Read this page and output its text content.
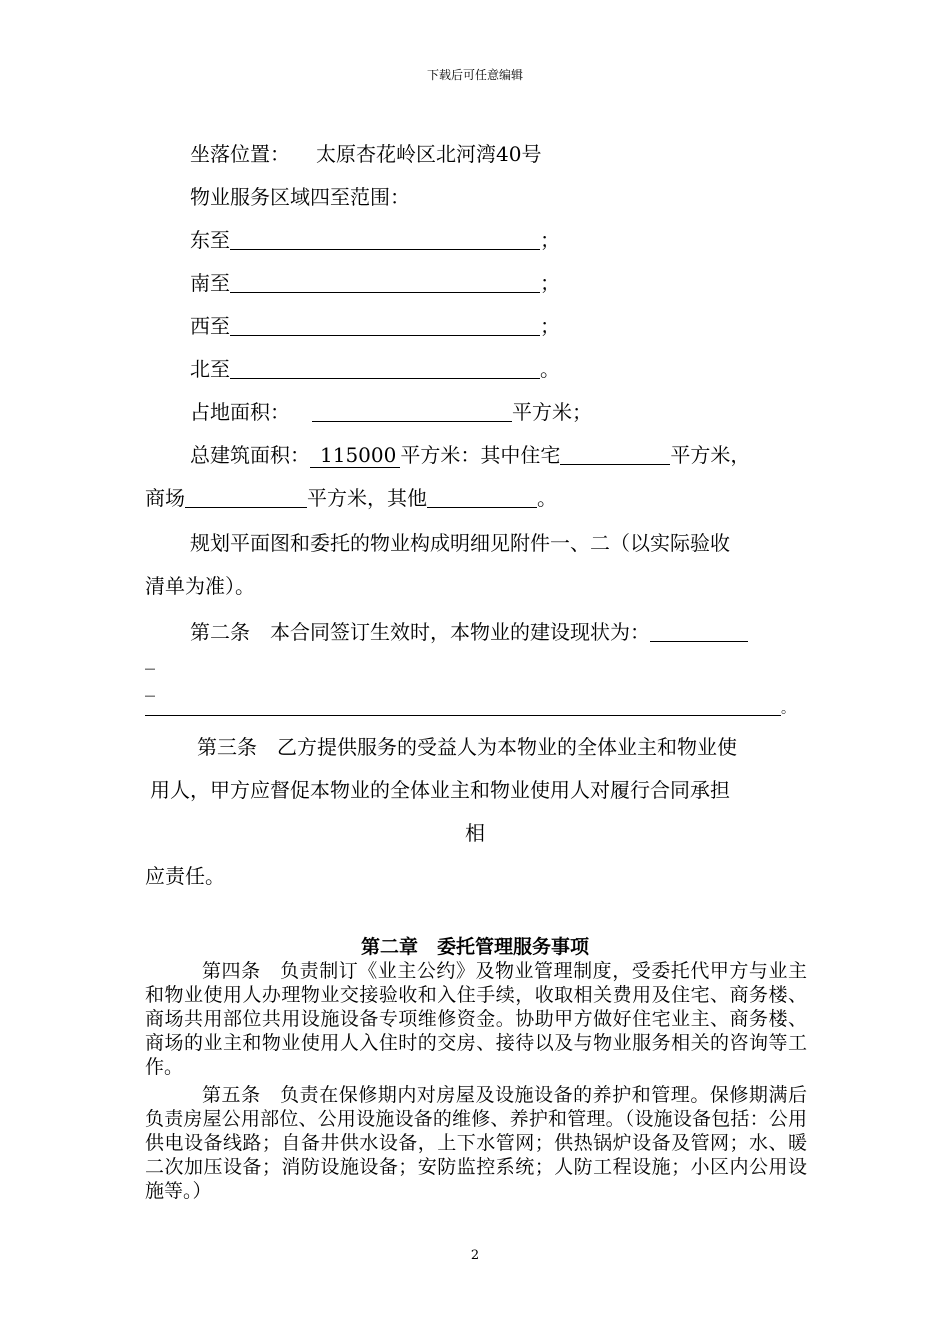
下载后可任意编辑
坐落位置： 太原杏花岭区北河湾40号
物业服务区域四至范围：
东至	；
南至	；
西至	；
北至	。
占地面积：	平方米；
总建筑面积： 115000 平方米：其中住宅	平方米，
商场	平方米，其他	。
规划平面图和委托的物业构成明细见附件一、二（以实际验收
清单为准）。
第二条　本合同签订生效时，本物业的建设现状为：
_
_
。
第三条　乙方提供服务的受益人为本物业的全体业主和物业使
用人，甲方应督促本物业的全体业主和物业使用人对履行合同承担
相
应责任。
第二章　委托管理服务事项
第四条　负责制订《业主公约》及物业管理制度，受委托代甲方与业主和物业使用人办理物业交接验收和入住手续，收取相关费用及住宅、商务楼、商场共用部位共用设施设备专项维修资金。协助甲方做好住宅业主、商务楼、商场的业主和物业使用人入住时的交房、接待以及与物业服务相关的咨询等工作。
第五条　负责在保修期内对房屋及设施设备的养护和管理。保修期满后负责房屋公用部位、公用设施设备的维修、养护和管理。（设施设备包括：公用供电设备线路；自备井供水设备，上下水管网；供热锅炉设备及管网；水、暖二次加压设备；消防设施设备；安防监控系统；人防工程设施；小区内公用设施等。）
2
